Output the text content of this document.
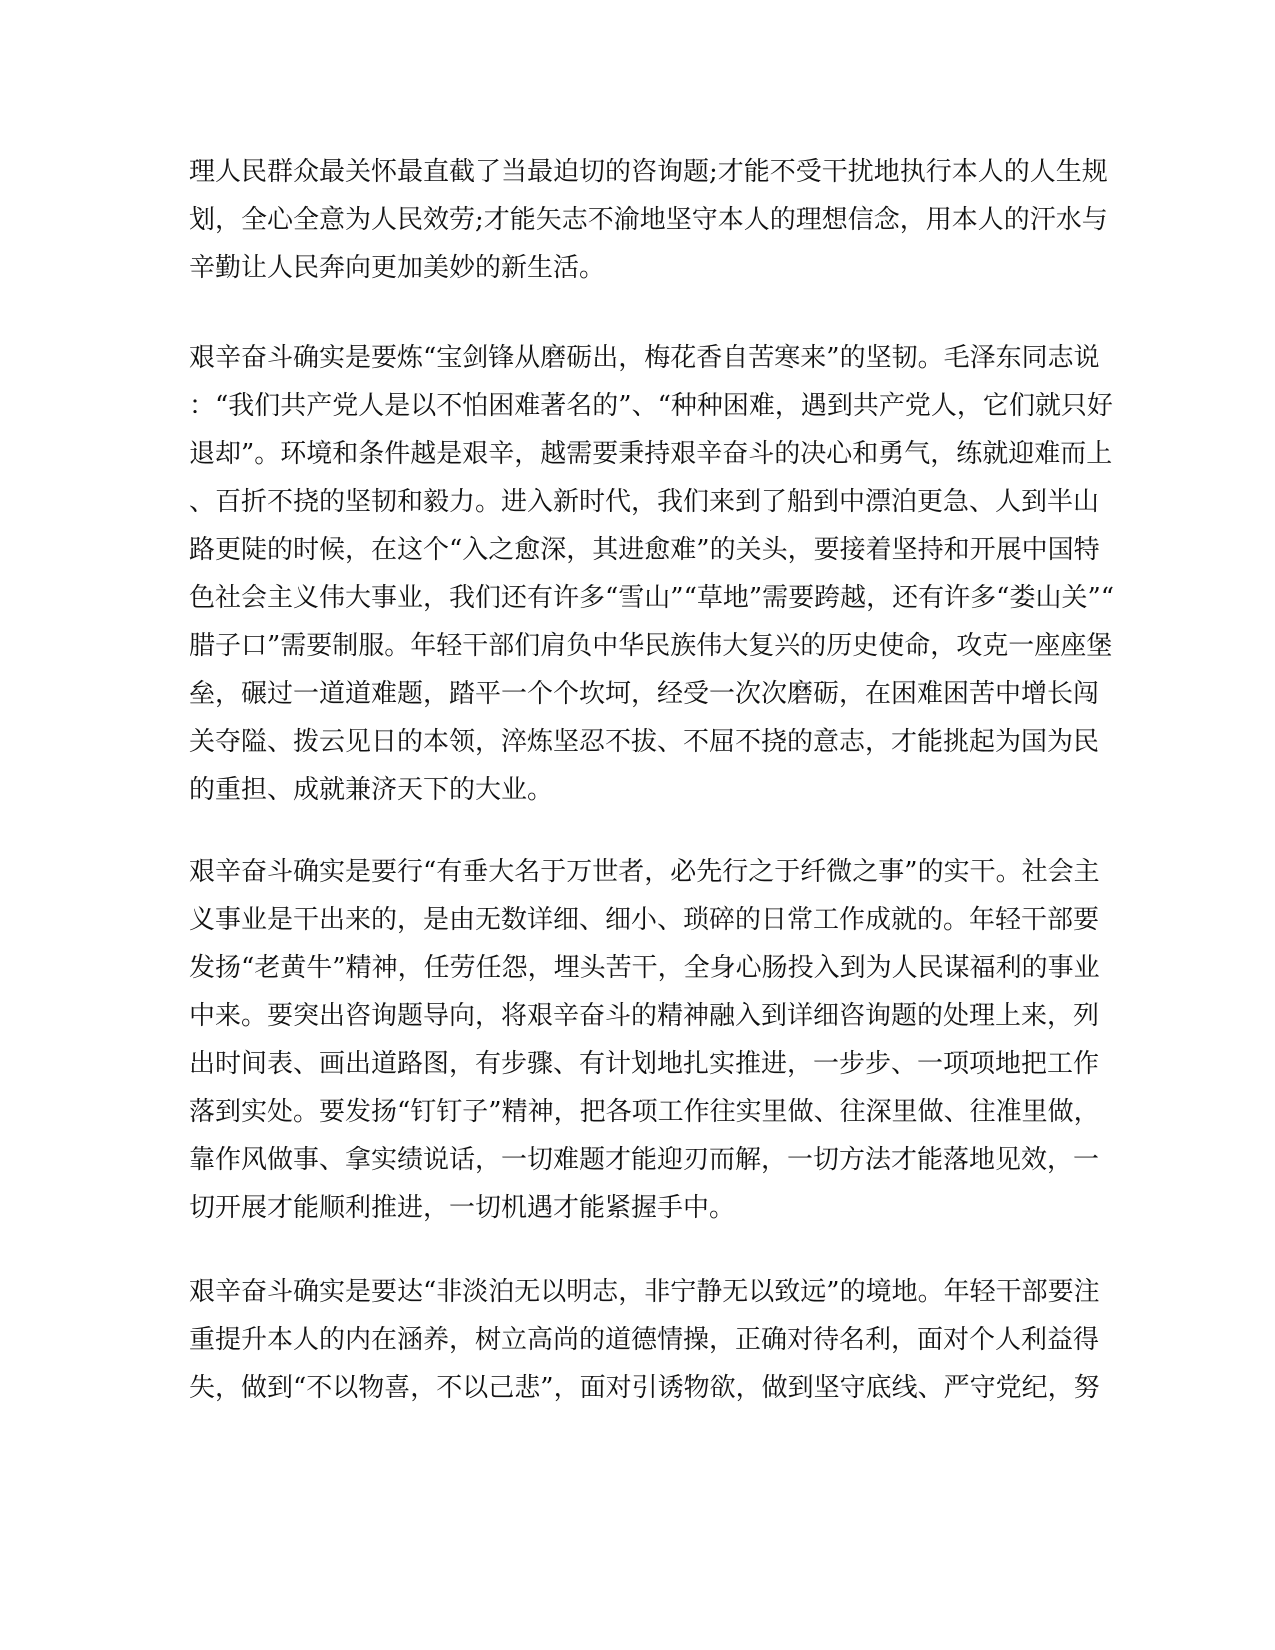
理人民群众最关怀最直截了当最迫切的咨询题;才能不受干扰地执行本人的人生规
划，全心全意为人民效劳;才能矢志不渝地坚守本人的理想信念，用本人的汗水与
辛勤让人民奔向更加美妙的新生活。
艰辛奋斗确实是要炼“宝剑锋从磨砺出，梅花香自苦寒来”的坚韧。毛泽东同志说
：“我们共产党人是以不怕困难著名的”、“种种困难，遇到共产党人，它们就只好
退却”。环境和条件越是艰辛，越需要秉持艰辛奋斗的决心和勇气，练就迎难而上
、百折不挠的坚韧和毅力。进入新时代，我们来到了船到中漂泊更急、人到半山
路更陡的时候，在这个“入之愈深，其进愈难”的关头，要接着坚持和开展中国特
色社会主义伟大事业，我们还有许多“雪山”“草地”需要跨越，还有许多“娄山关”“
腊子口”需要制服。年轻干部们肩负中华民族伟大复兴的历史使命，攻克一座座堡
垒，碾过一道道难题，踏平一个个坎坷，经受一次次磨砺，在困难困苦中增长闯
关夺隘、拨云见日的本领，淬炼坚忍不拔、不屈不挠的意志，才能挑起为国为民
的重担、成就兼济天下的大业。
艰辛奋斗确实是要行“有垂大名于万世者，必先行之于纤微之事”的实干。社会主
义事业是干出来的，是由无数详细、细小、琐碎的日常工作成就的。年轻干部要
发扬“老黄牛”精神，任劳任怨，埋头苦干，全身心肠投入到为人民谋福利的事业
中来。要突出咨询题导向，将艰辛奋斗的精神融入到详细咨询题的处理上来，列
出时间表、画出道路图，有步骤、有计划地扎实推进，一步步、一项项地把工作
落到实处。要发扬“钉钉子”精神，把各项工作往实里做、往深里做、往准里做，
靠作风做事、拿实绩说话，一切难题才能迎刃而解，一切方法才能落地见效，一
切开展才能顺利推进，一切机遇才能紧握手中。
艰辛奋斗确实是要达“非淡泊无以明志，非宁静无以致远”的境地。年轻干部要注
重提升本人的内在涵养，树立高尚的道德情操，正确对待名利，面对个人利益得
失，做到“不以物喜，不以己悲”，面对引诱物欲，做到坚守底线、严守党纪，努
